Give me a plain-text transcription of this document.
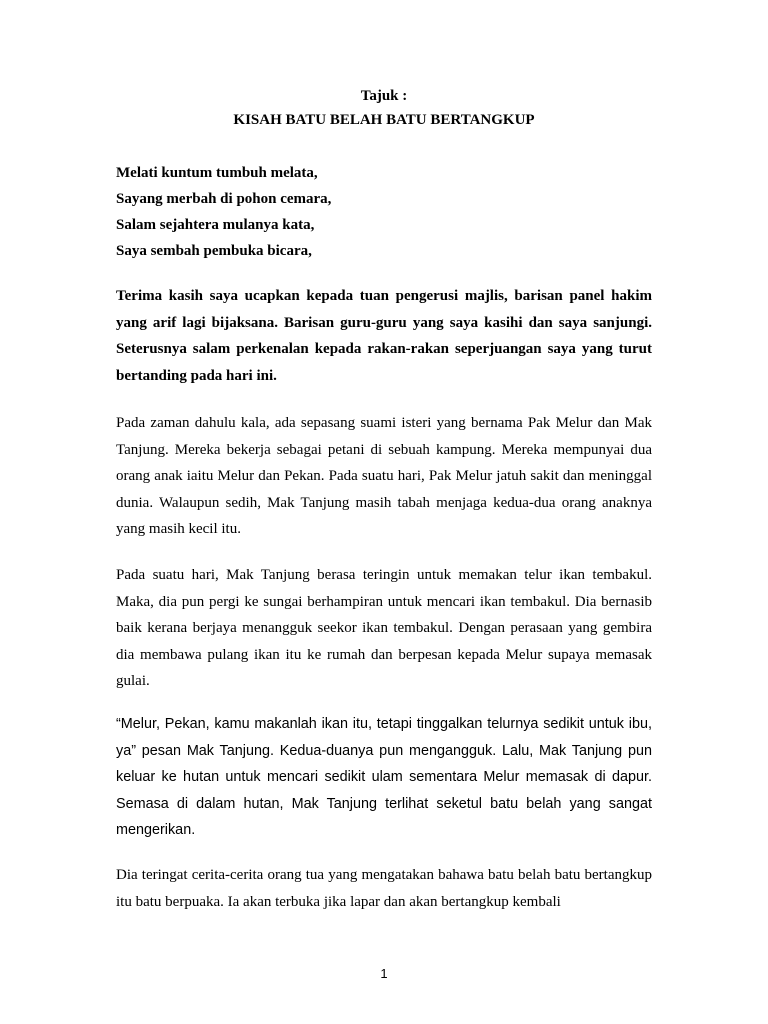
Tajuk :
KISAH BATU BELAH BATU BERTANGKUP
Melati kuntum tumbuh melata,
Sayang merbah di pohon cemara,
Salam sejahtera mulanya kata,
Saya sembah pembuka bicara,
Terima kasih saya ucapkan kepada tuan pengerusi majlis, barisan panel hakim yang arif lagi bijaksana. Barisan guru-guru yang saya kasihi dan saya sanjungi. Seterusnya salam perkenalan kepada rakan-rakan seperjuangan saya yang turut bertanding pada hari ini.
Pada zaman dahulu kala, ada sepasang suami isteri yang bernama Pak Melur dan Mak Tanjung. Mereka bekerja sebagai petani di sebuah kampung. Mereka mempunyai dua orang anak iaitu Melur dan Pekan. Pada suatu hari, Pak Melur jatuh sakit dan meninggal dunia. Walaupun sedih, Mak Tanjung masih tabah menjaga kedua-dua orang anaknya yang masih kecil itu.
Pada suatu hari, Mak Tanjung berasa teringin untuk memakan telur ikan tembakul. Maka, dia pun pergi ke sungai berhampiran untuk mencari ikan tembakul. Dia bernasib baik kerana berjaya menangguk seekor ikan tembakul. Dengan perasaan yang gembira dia membawa pulang ikan itu ke rumah dan berpesan kepada Melur supaya memasak gulai.
“Melur, Pekan, kamu makanlah ikan itu, tetapi tinggalkan telurnya sedikit untuk ibu, ya” pesan Mak Tanjung. Kedua-duanya pun mengangguk. Lalu, Mak Tanjung pun keluar ke hutan untuk mencari sedikit ulam sementara Melur memasak di dapur. Semasa di dalam hutan, Mak Tanjung terlihat seketul batu belah yang sangat mengerikan.
Dia teringat cerita-cerita orang tua yang mengatakan bahawa batu belah batu bertangkup itu batu berpuaka. Ia akan terbuka jika lapar dan akan bertangkup kembali
1
